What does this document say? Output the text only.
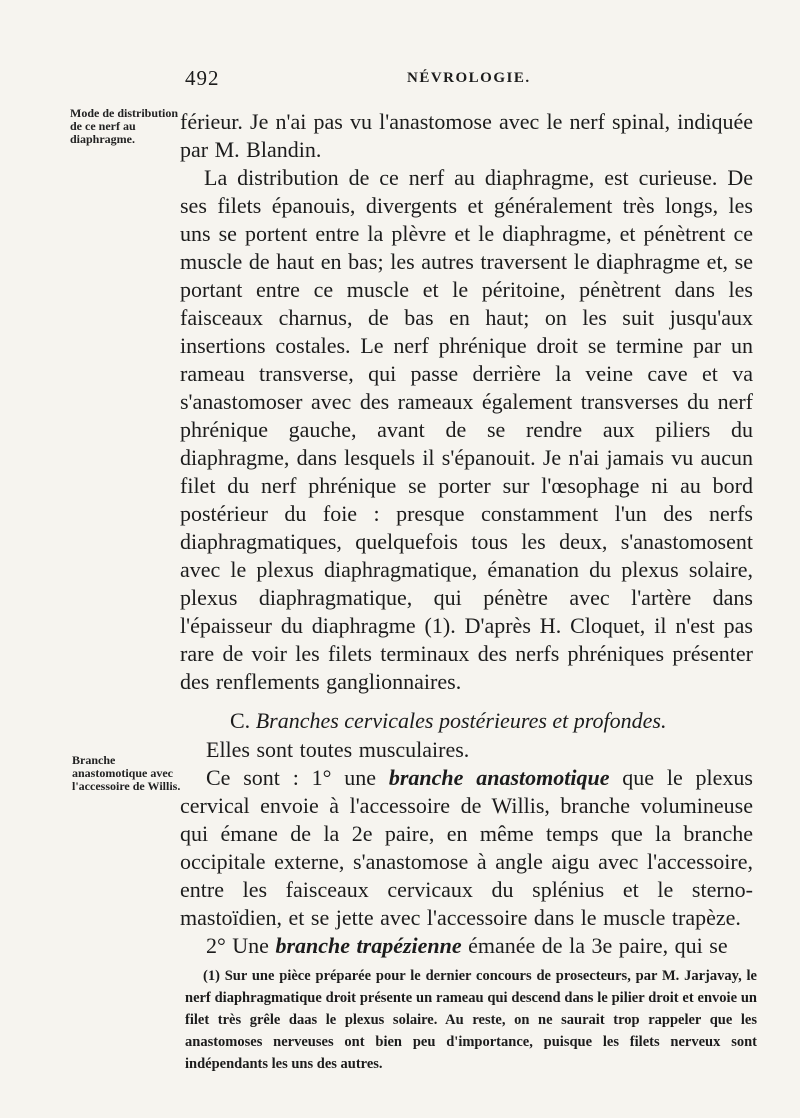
492	NÉVROLOGIE.
Mode de distribution de ce nerf au diaphragme.
Branche anastomotique avec l'accessoire de Willis.

férieur. Je n'ai pas vu l'anastomose avec le nerf spinal, indiquée par M. Blandin.

La distribution de ce nerf au diaphragme, est curieuse. De ses filets épanouis, divergents et généralement très longs, les uns se portent entre la plèvre et le diaphragme, et pénètrent ce muscle de haut en bas; les autres traversent le diaphragme et, se portant entre ce muscle et le péritoine, pénètrent dans les faisceaux charnus, de bas en haut; on les suit jusqu'aux insertions costales. Le nerf phrénique droit se termine par un rameau transverse, qui passe derrière la veine cave et va s'anastomoser avec des rameaux également transverses du nerf phrénique gauche, avant de se rendre aux piliers du diaphragme, dans lesquels il s'épanouit. Je n'ai jamais vu aucun filet du nerf phrénique se porter sur l'œsophage ni au bord postérieur du foie : presque constamment l'un des nerfs diaphragmatiques, quelquefois tous les deux, s'anastomosent avec le plexus diaphragmatique, émanation du plexus solaire, plexus diaphragmatique, qui pénètre avec l'artère dans l'épaisseur du diaphragme (1). D'après H. Cloquet, il n'est pas rare de voir les filets terminaux des nerfs phréniques présenter des renflements ganglionnaires.

C. Branches cervicales postérieures et profondes.

Elles sont toutes musculaires.

Ce sont : 1° une branche anastomotique que le plexus cervical envoie à l'accessoire de Willis, branche volumineuse qui émane de la 2e paire, en même temps que la branche occipitale externe, s'anastomose à angle aigu avec l'accessoire, entre les faisceaux cervicaux du splénius et le sterno-mastoïdien, et se jette avec l'accessoire dans le muscle trapèze.

2° Une branche trapézienne émanée de la 3e paire, qui se

(1) Sur une pièce préparée pour le dernier concours de prosecteurs, par M. Jarjavay, le nerf diaphragmatique droit présente un rameau qui descend dans le pilier droit et envoie un filet très grêle daas le plexus solaire. Au reste, on ne saurait trop rappeler que les anastomoses nerveuses ont bien peu d'importance, puisque les filets nerveux sont indépendants les uns des autres.
